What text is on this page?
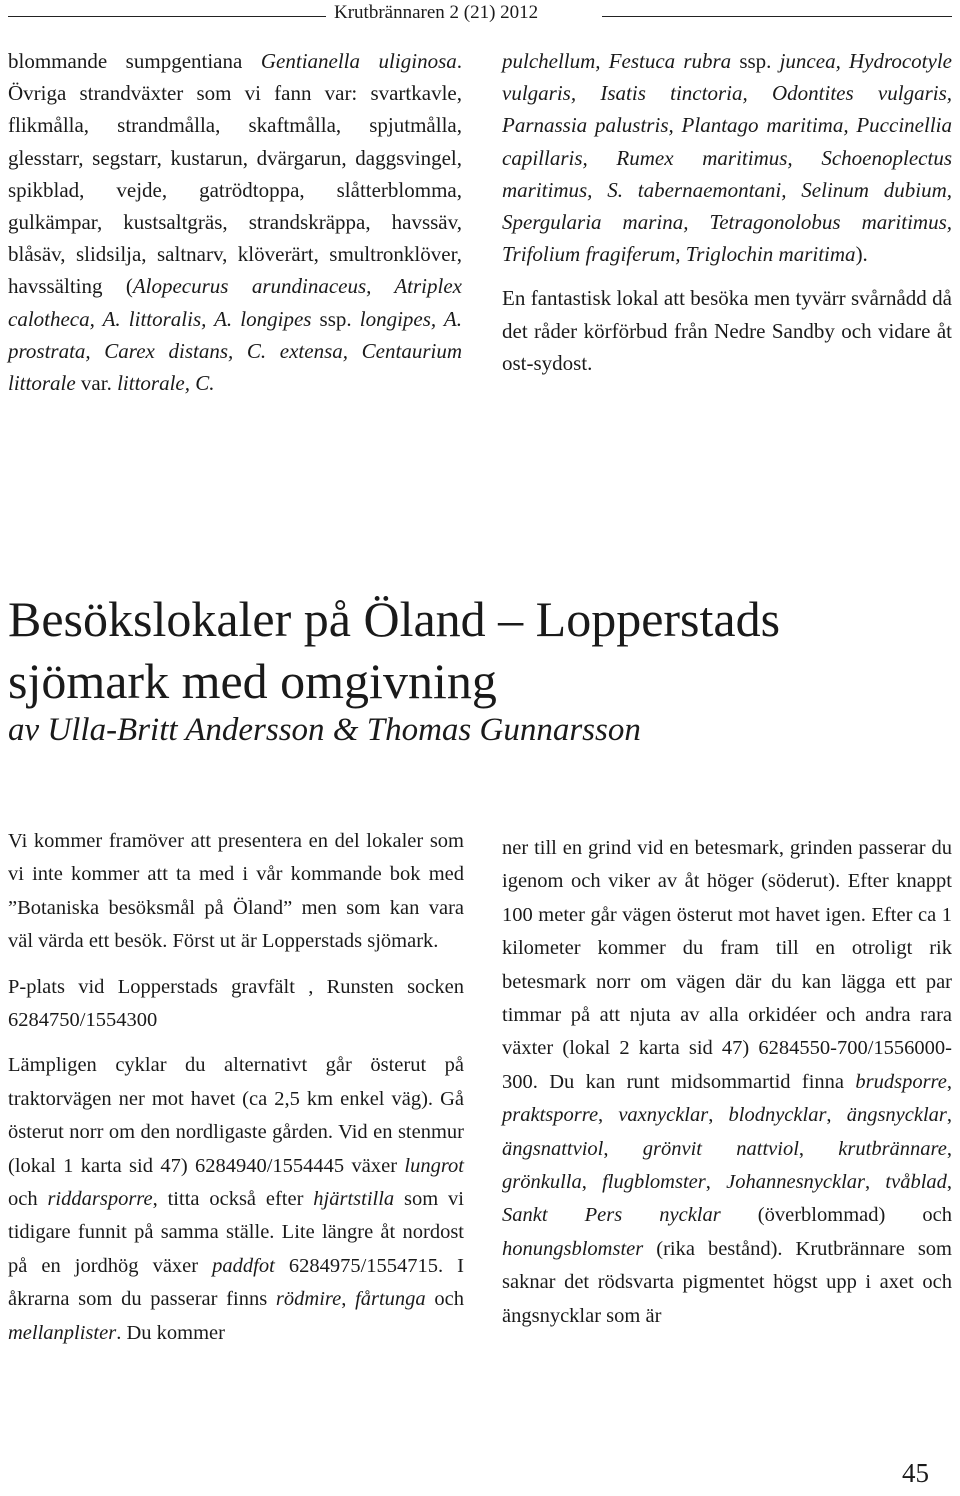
Krutbrännaren 2 (21) 2012

blommande sumpgentiana Gentianella uliginosa. Övriga strandväxter som vi fann var: svartkavle, flikmålla, strandmålla, skaftmålla, spjutmålla, glesstarr, segstarr, kustarun, dvärgarun, daggsvingel, spikblad, vejde, gatrödtoppa, slåtterblomma, gulkämpar, kustsaltgräs, strandskräppa, havssäv, blåsäv, slidsilja, saltnarv, klöverärt, smultronklöver, havssälting (Alopecurus arundinaceus, Atriplex calotheca, A. littoralis, A. longipes ssp. longipes, A. prostrata, Carex distans, C. extensa, Centaurium littorale var. littorale, C.

pulchellum, Festuca rubra ssp. juncea, Hydrocotyle vulgaris, Isatis tinctoria, Odontites vulgaris, Parnassia palustris, Plantago maritima, Puccinellia capillaris, Rumex maritimus, Schoenoplectus maritimus, S. tabernaemontani, Selinum dubium, Spergularia marina, Tetragonolobus maritimus, Trifolium fragiferum, Triglochin maritima).

En fantastisk lokal att besöka men tyvärr svårnådd då det råder körförbud från Nedre Sandby och vidare åt ost-sydost.

Besökslokaler på Öland – Lopperstads
sjömark med omgivning

av Ulla-Britt Andersson & Thomas Gunnarsson

Vi kommer framöver att presentera en del lokaler som vi inte kommer att ta med i vår kommande bok med ”Botaniska besöksmål på Öland” men som kan vara väl värda ett besök. Först ut är Lopperstads sjömark.

P-plats vid Lopperstads gravfält , Runsten socken 6284750/1554300

Lämpligen cyklar du alternativt går österut på traktorvägen ner mot havet (ca 2,5 km enkel väg). Gå österut norr om den nordligaste gården. Vid en stenmur (lokal 1 karta sid 47) 6284940/1554445 växer lungrot och riddarsporre, titta också efter hjärtstilla som vi tidigare funnit på samma ställe. Lite längre åt nordost på en jordhög växer paddfot 6284975/1554715. I åkrarna som du passerar finns rödmire, fårtunga och mellanplister. Du kommer

ner till en grind vid en betesmark, grinden passerar du igenom och viker av åt höger (söderut). Efter knappt 100 meter går vägen österut mot havet igen. Efter ca 1 kilometer kommer du fram till en otroligt rik betesmark norr om vägen där du kan lägga ett par timmar på att njuta av alla orkidéer och andra rara växter (lokal 2 karta sid 47) 6284550-700/1556000-300. Du kan runt midsommartid finna brudsporre, praktsporre, vaxnycklar, blodnycklar, ängsnycklar, ängsnattviol, grönvit nattviol, krutbrännare, grönkulla, flugblomster, Johannesnycklar, tvåblad, Sankt Pers nycklar (överblommad) och honungsblomster (rika bestånd). Krutbrännare som saknar det rödsvarta pigmentet högst upp i axet och ängsnycklar som är

45
